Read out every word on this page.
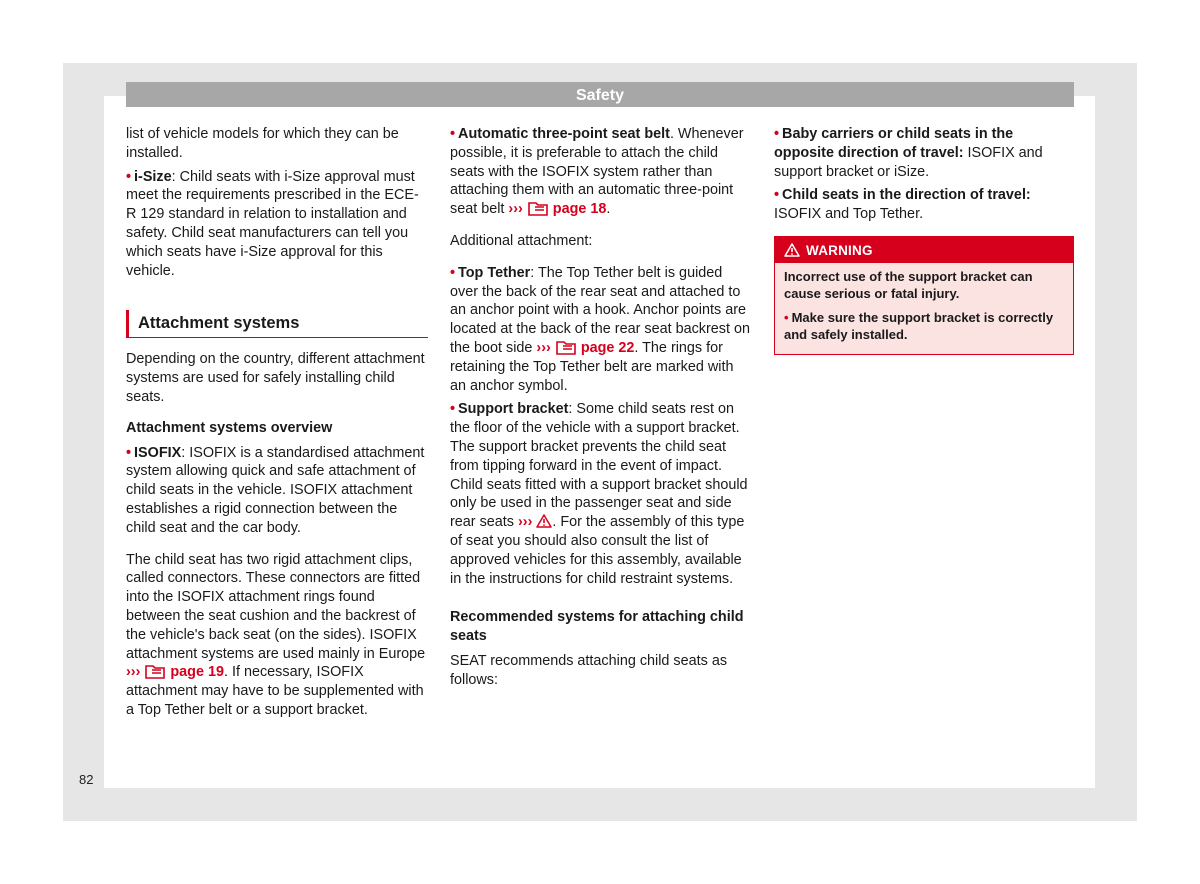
Safety

list of vehicle models for which they can be installed.

• i-Size: Child seats with i-Size approval must meet the requirements prescribed in the ECE-R 129 standard in relation to installation and safety. Child seat manufacturers can tell you which seats have i-Size approval for this vehicle.

Attachment systems

Depending on the country, different attachment systems are used for safely installing child seats.

Attachment systems overview

• ISOFIX: ISOFIX is a standardised attachment system allowing quick and safe attachment of child seats in the vehicle. ISOFIX attachment establishes a rigid connection between the child seat and the car body.

The child seat has two rigid attachment clips, called connectors. These connectors are fitted into the ISOFIX attachment rings found between the seat cushion and the backrest of the vehicle's back seat (on the sides). ISOFIX attachment systems are used mainly in Europe ››› page 19. If necessary, ISOFIX attachment may have to be supplemented with a Top Tether belt or a support bracket.

• Automatic three-point seat belt. Whenever possible, it is preferable to attach the child seats with the ISOFIX system rather than attaching them with an automatic three-point seat belt ››› page 18.

Additional attachment:

• Top Tether: The Top Tether belt is guided over the back of the rear seat and attached to an anchor point with a hook. Anchor points are located at the back of the rear seat backrest on the boot side ››› page 22. The rings for retaining the Top Tether belt are marked with an anchor symbol.

• Support bracket: Some child seats rest on the floor of the vehicle with a support bracket. The support bracket prevents the child seat from tipping forward in the event of impact. Child seats fitted with a support bracket should only be used in the passenger seat and side rear seats ››› . For the assembly of this type of seat you should also consult the list of approved vehicles for this assembly, available in the instructions for child restraint systems.

Recommended systems for attaching child seats

SEAT recommends attaching child seats as follows:

• Baby carriers or child seats in the opposite direction of travel: ISOFIX and support bracket or iSize.

• Child seats in the direction of travel: ISOFIX and Top Tether.

WARNING

Incorrect use of the support bracket can cause serious or fatal injury.

• Make sure the support bracket is correctly and safely installed.

82
